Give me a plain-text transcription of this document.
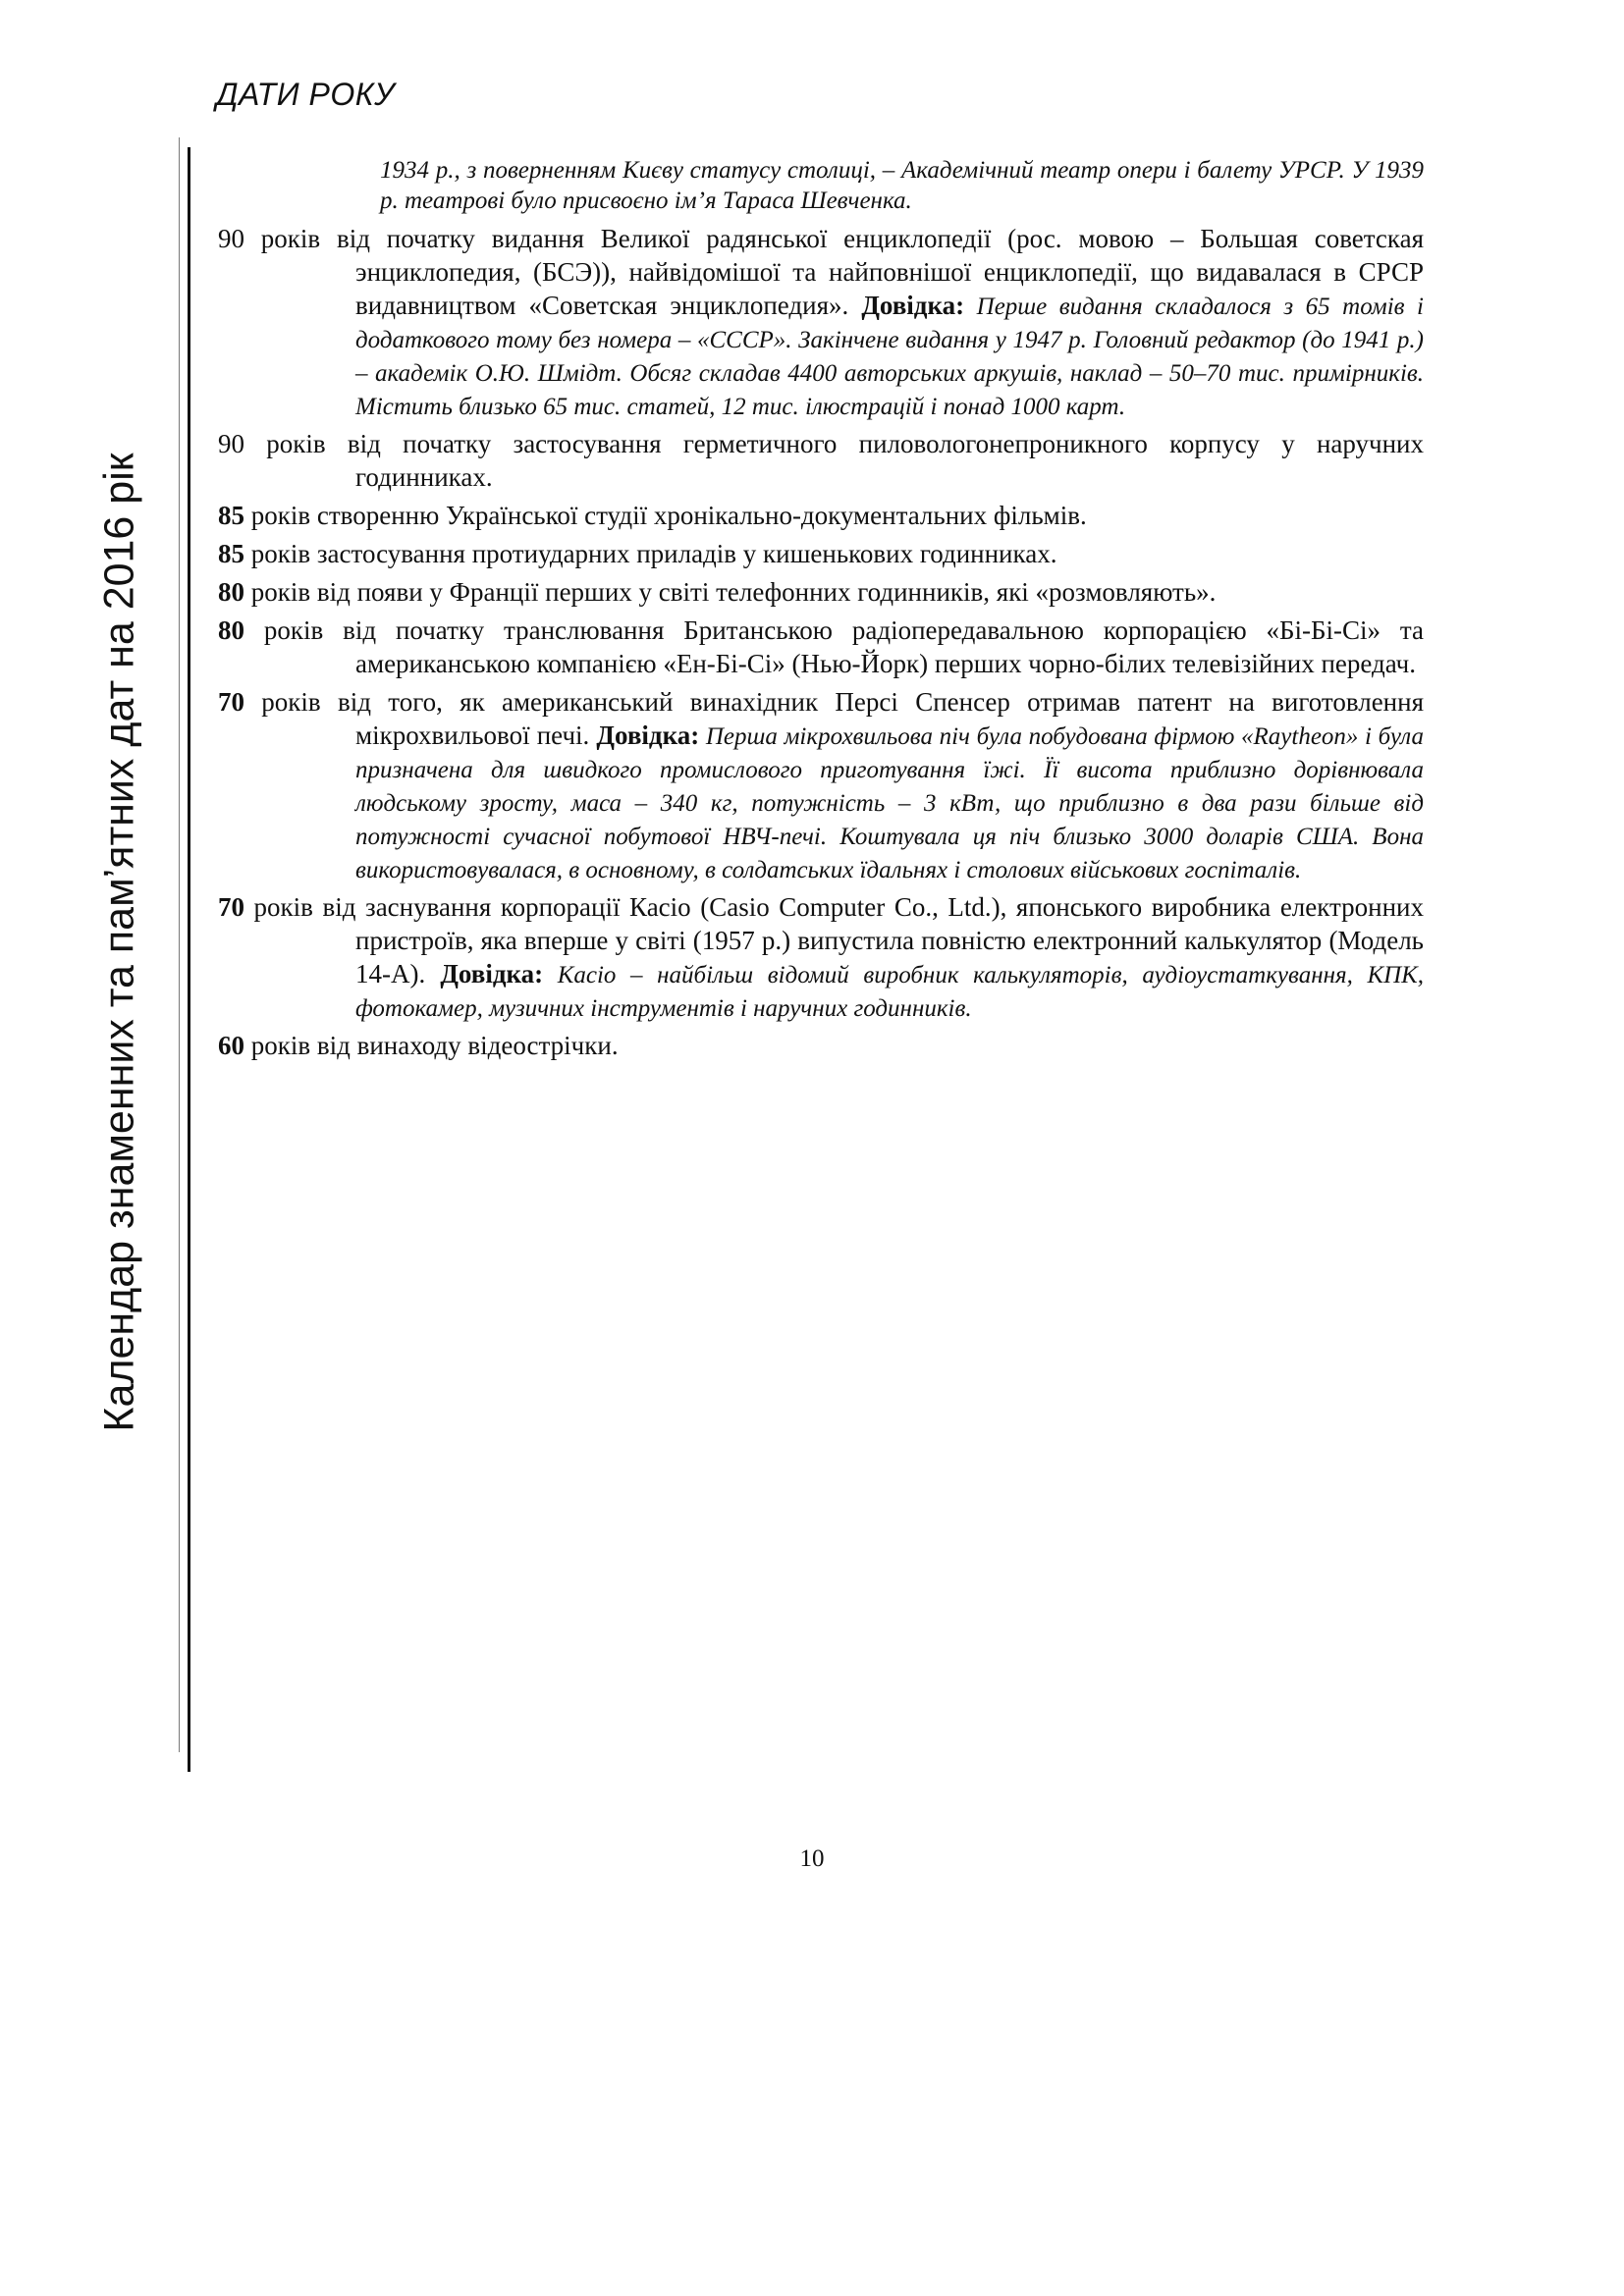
ДАТИ РОКУ
Календар знаменних та пам’ятних дат на 2016 рік
1934 р., з поверненням Києву статусу столиці, – Академічний театр опери і балету УРСР. У 1939 р. театрові було присвоєно ім’я Тараса Шевченка.
90 років від початку видання Великої радянської енциклопедії (рос. мовою – Большая советская энциклопедия, (БСЭ)), найвідомішої та найповнішої енциклопедії, що видавалася в СРСР видавництвом «Советская энциклопедия». Довідка: Перше видання складалося з 65 томів і додаткового тому без номера – «СССР». Закінчене видання у 1947 р. Головний редактор (до 1941 р.) – академік О.Ю. Шмідт. Обсяг складав 4400 авторських аркушів, наклад – 50–70 тис. примірників. Містить близько 65 тис. статей, 12 тис. ілюстрацій і понад 1000 карт.
90 років від початку застосування герметичного пиловологонепроникного корпусу у наручних годинниках.
85 років створенню Української студії хронікально-документальних фільмів.
85 років застосування протиударних приладів у кишенькових годинниках.
80 років від появи у Франції перших у світі телефонних годинників, які «розмовляють».
80 років від початку транслювання Британською радіопередавальною корпорацією «Бі-Бі-Сі» та американською компанією «Ен-Бі-Сі» (Нью-Йорк) перших чорно-білих телевізійних передач.
70 років від того, як американський винахідник Персі Спенсер отримав патент на виготовлення мікрохвильової печі. Довідка: Перша мікрохвильова піч була побудована фірмою «Raytheon» і була призначена для швидкого промислового приготування їжі. Її висота приблизно дорівнювала людському зросту, маса – 340 кг, потужність – 3 кВт, що приблизно в два рази більше від потужності сучасної побутової НВЧ-печі. Коштувала ця піч близько 3000 доларів США. Вона використовувалася, в основному, в солдатських їдальнях і столових військових госпіталів.
70 років від заснування корпорації Касіо (Casio Computer Co., Ltd.), японського виробника електронних пристроїв, яка вперше у світі (1957 р.) випустила повністю електронний калькулятор (Модель 14-А). Довідка: Касіо – найбільш відомий виробник калькуляторів, аудіоустаткування, КПК, фотокамер, музичних інструментів і наручних годинників.
60 років від винаходу відеострічки.
10
